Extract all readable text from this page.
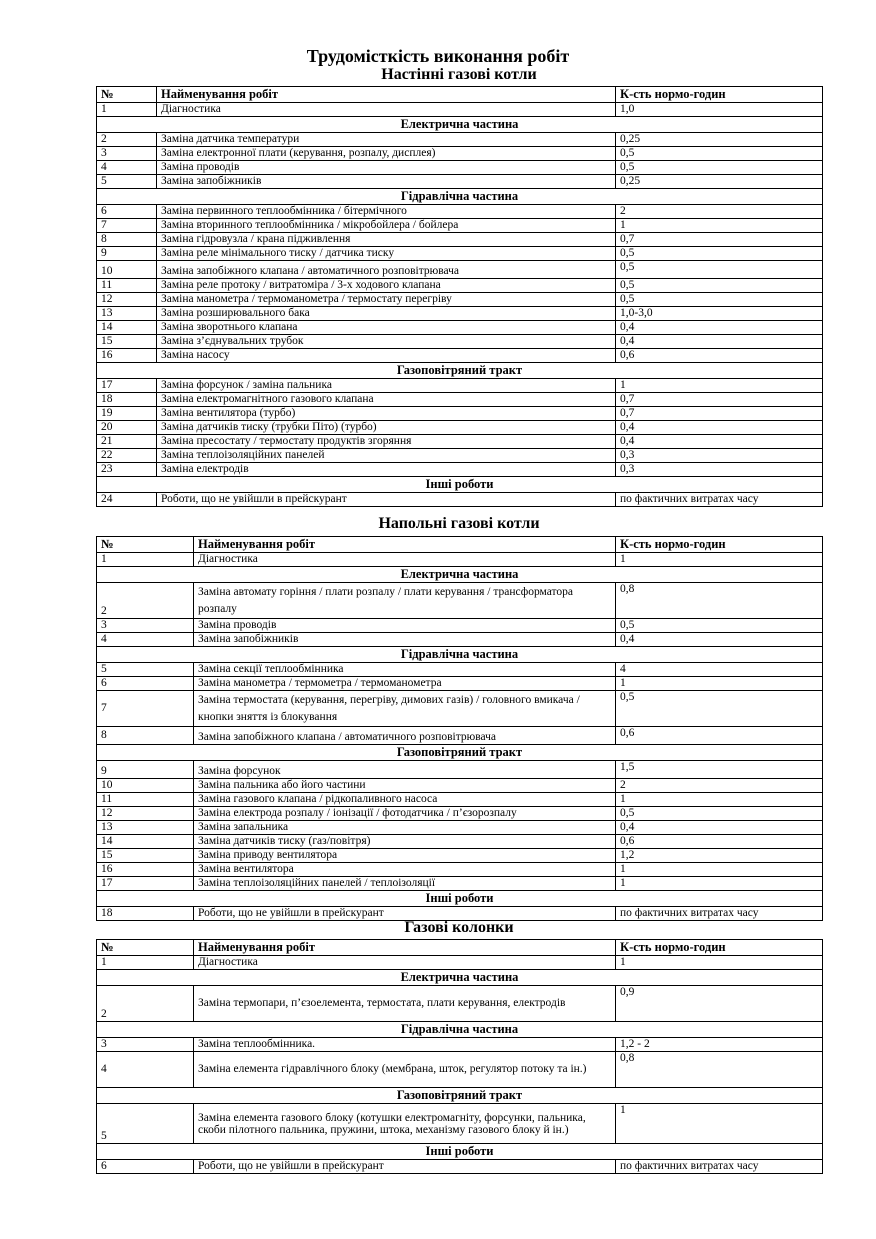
Трудомісткість виконання робіт
Настінні газові котли
№	Найменування робіт	К-сть нормо-годин
1	Діагностика	1,0
Електрична частина		
2	Заміна датчика температури	0,25
3	Заміна електронної плати (керування, розпалу, дисплея)	0,5
4	Заміна проводів	0,5
5	Заміна запобіжників	0,25
Гідравлічна частина		
6	Заміна первинного теплообмінника / бітермічного	2
7	Заміна вторинного теплообмінника / мікробойлера / бойлера	1
8	Заміна гідровузла / крана підживлення	0,7
9	Заміна реле мінімального тиску / датчика тиску	0,5
10	Заміна запобіжного клапана / автоматичного розповітрювача	0,5
11	Заміна реле протоку / витратоміра / 3-х ходового клапана	0,5
12	Заміна манометра / термоманометра / термостату перегріву	0,5
13	Заміна розширювального бака	1,0-3,0
14	Заміна зворотнього клапана	0,4
15	Заміна з’єднувальних трубок	0,4
16	Заміна насосу	0,6
Газоповітряний тракт		
17	Заміна форсунок / заміна пальника	1
18	Заміна електромагнітного газового клапана	0,7
19	Заміна вентилятора (турбо)	0,7
20	Заміна датчиків тиску (трубки Піто) (турбо)	0,4
21	Заміна пресостату / термостату продуктів згоряння	0,4
22	Заміна теплоізоляційних панелей	0,3
23	Заміна електродів	0,3
Інші роботи		
24	Роботи, що не увійшли в прейскурант	по фактичних витратах часу
Напольні газові котли
№	Найменування робіт	К-сть нормо-годин
1	Діагностика	1
Електрична частина		
2	Заміна автомату горіння / плати розпалу / плати керування / трансформатора розпалу	0,8
3	Заміна проводів	0,5
4	Заміна запобіжників	0,4
Гідравлічна частина		
5	Заміна секції теплообмінника	4
6	Заміна манометра / термометра / термоманометра	1
7	Заміна термостата (керування, перегріву, димових газів) / головного вмикача / кнопки зняття із блокування	0,5
8	Заміна запобіжного клапана / автоматичного розповітрювача	0,6
Газоповітряний тракт		
9	Заміна форсунок	1,5
10	Заміна пальника або його частини	2
11	Заміна газового клапана / рідкопаливного насоса	1
12	Заміна електрода розпалу / іонізації / фотодатчика / п’єзорозпалу	0,5
13	Заміна запальника	0,4
14	Заміна датчиків тиску (газ/повітря)	0,6
15	Заміна приводу вентилятора	1,2
16	Заміна вентилятора	1
17	Заміна теплоізоляційних панелей / теплоізоляції	1
Інші роботи		
18	Роботи, що не увійшли в прейскурант	по фактичних витратах часу
Газові колонки
№	Найменування робіт	К-сть нормо-годин
1	Діагностика	1
Електрична частина		
2	Заміна термопари, п’єзоелемента, термостата, плати керування, електродів	0,9
Гідравлічна частина		
3	Заміна теплообмінника.	1,2 - 2
4	Заміна елемента гідравлічного блоку (мембрана, шток, регулятор потоку та ін.)	0,8
Газоповітряний тракт		
5	Заміна елемента газового блоку (котушки електромагніту, форсунки, пальника, скоби пілотного пальника, пружини, штока, механізму газового блоку й ін.)	1
Інші роботи		
6	Роботи, що не увійшли в прейскурант	по фактичних витратах часу
